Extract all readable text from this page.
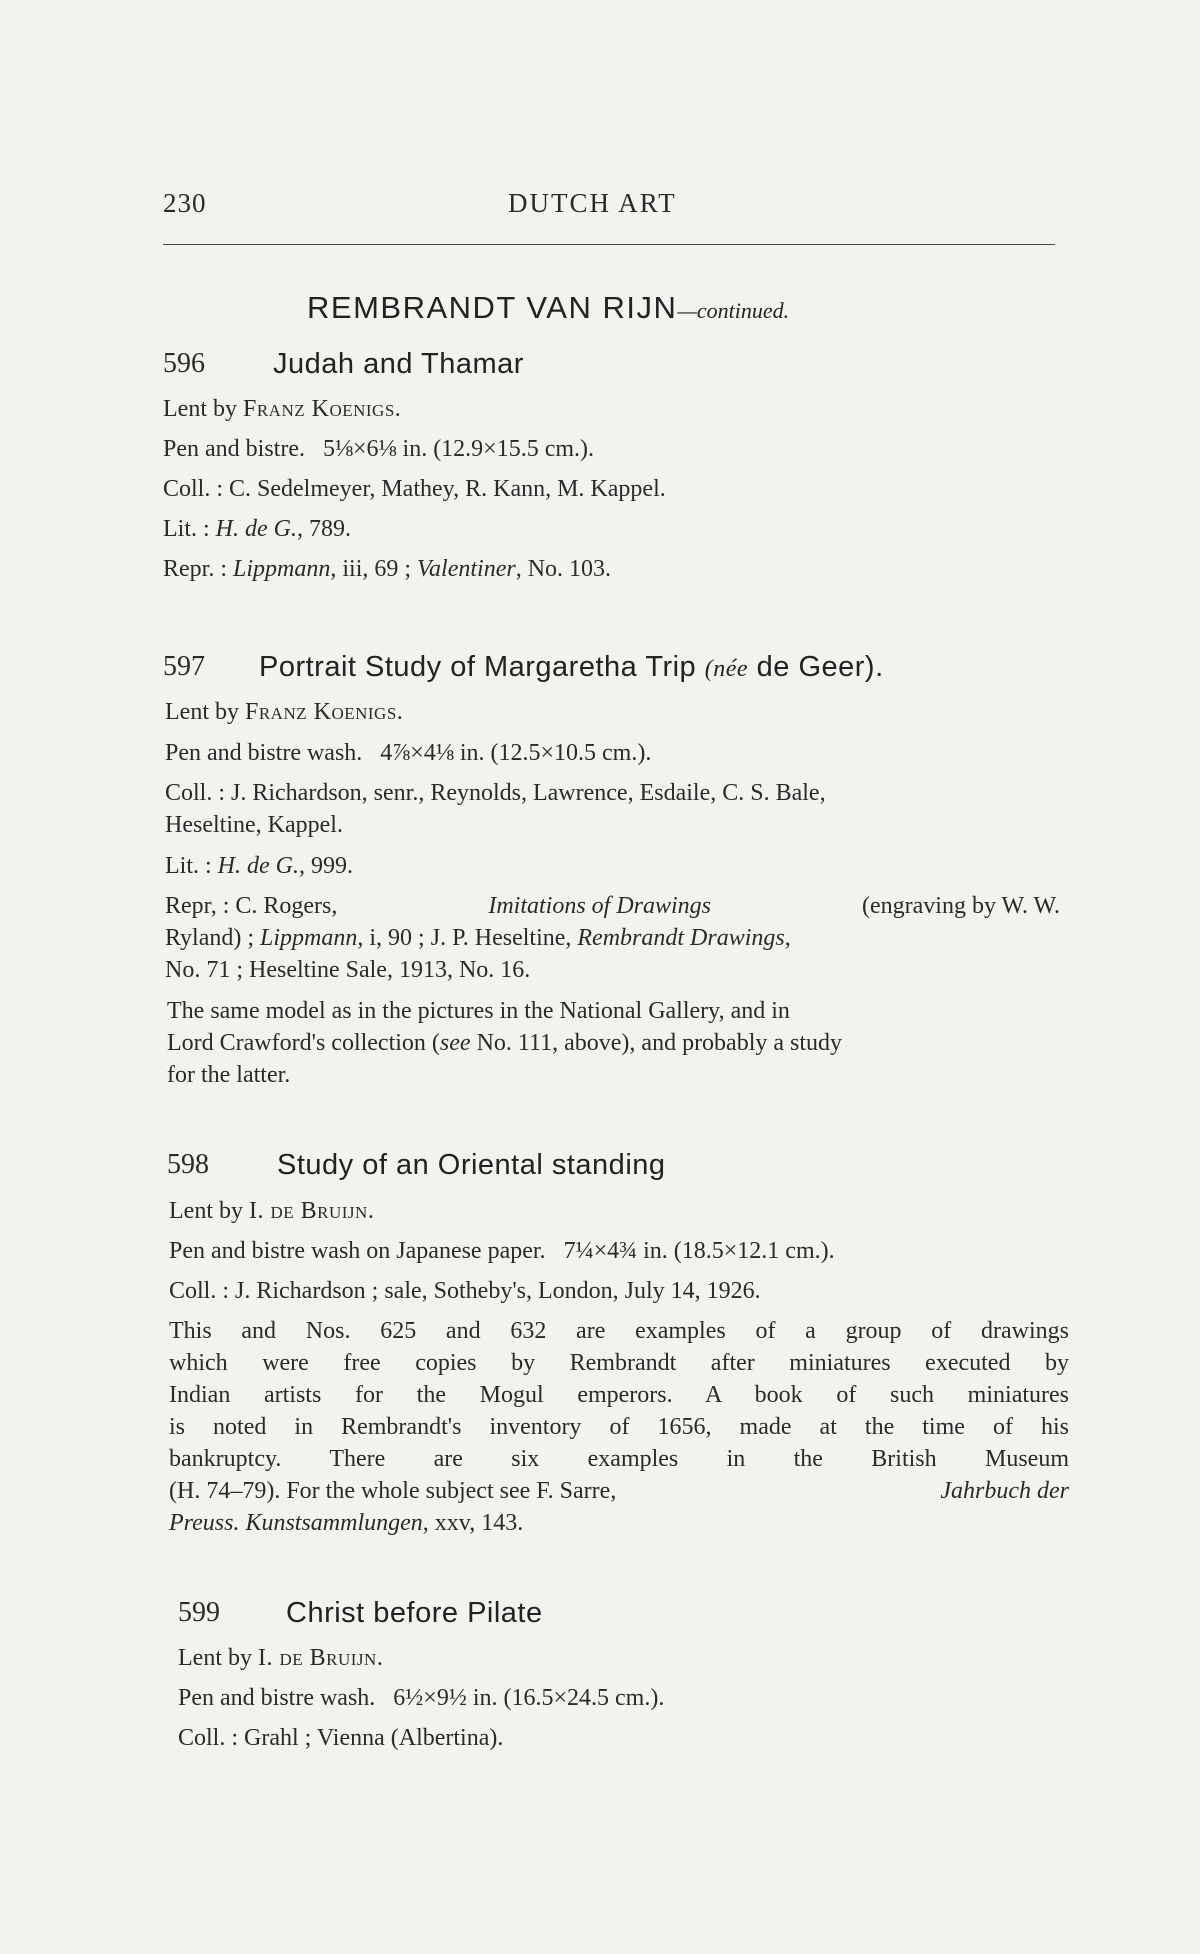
230	DUTCH ART
REMBRANDT VAN RIJN—continued.
596 Judah and Thamar
Lent by Franz Koenigs.
Pen and bistre. 5⅛×6⅛ in. (12.9×15.5 cm.).
Coll. : C. Sedelmeyer, Mathey, R. Kann, M. Kappel.
Lit. : H. de G., 789.
Repr. : Lippmann, iii, 69 ; Valentiner, No. 103.
597 Portrait Study of Margaretha Trip (née de Geer).
Lent by Franz Koenigs.
Pen and bistre wash. 4⅞×4⅛ in. (12.5×10.5 cm.).
Coll. : J. Richardson, senr., Reynolds, Lawrence, Esdaile, C. S. Bale,
Heseltine, Kappel.
Lit. : H. de G., 999.
Repr, : C. Rogers,	Imitations of Drawings	(engraving by W. W.
Ryland) ; Lippmann, i, 90 ; J. P. Heseltine, Rembrandt Drawings,
No. 71 ; Heseltine Sale, 1913, No. 16.
The same model as in the pictures in the National Gallery, and in
Lord Crawford's collection (see No. 111, above), and probably a study
for the latter.
598 Study of an Oriental standing
Lent by I. de Bruijn.
Pen and bistre wash on Japanese paper. 7¼×4¾ in. (18.5×12.1 cm.).
Coll. : J. Richardson ; sale, Sotheby's, London, July 14, 1926.
This and Nos. 625 and 632 are examples of a group of drawings
which were free copies by Rembrandt after miniatures executed by
Indian artists for the Mogul emperors. A book of such miniatures
is noted in Rembrandt's inventory of 1656, made at the time of his
bankruptcy. There are six examples in the British Museum
(H. 74–79). For the whole subject see F. Sarre,	Jahrbuch der
Preuss. Kunstsammlungen, xxv, 143.
599 Christ before Pilate
Lent by I. de Bruijn.
Pen and bistre wash. 6½×9½ in. (16.5×24.5 cm.).
Coll. : Grahl ; Vienna (Albertina).
